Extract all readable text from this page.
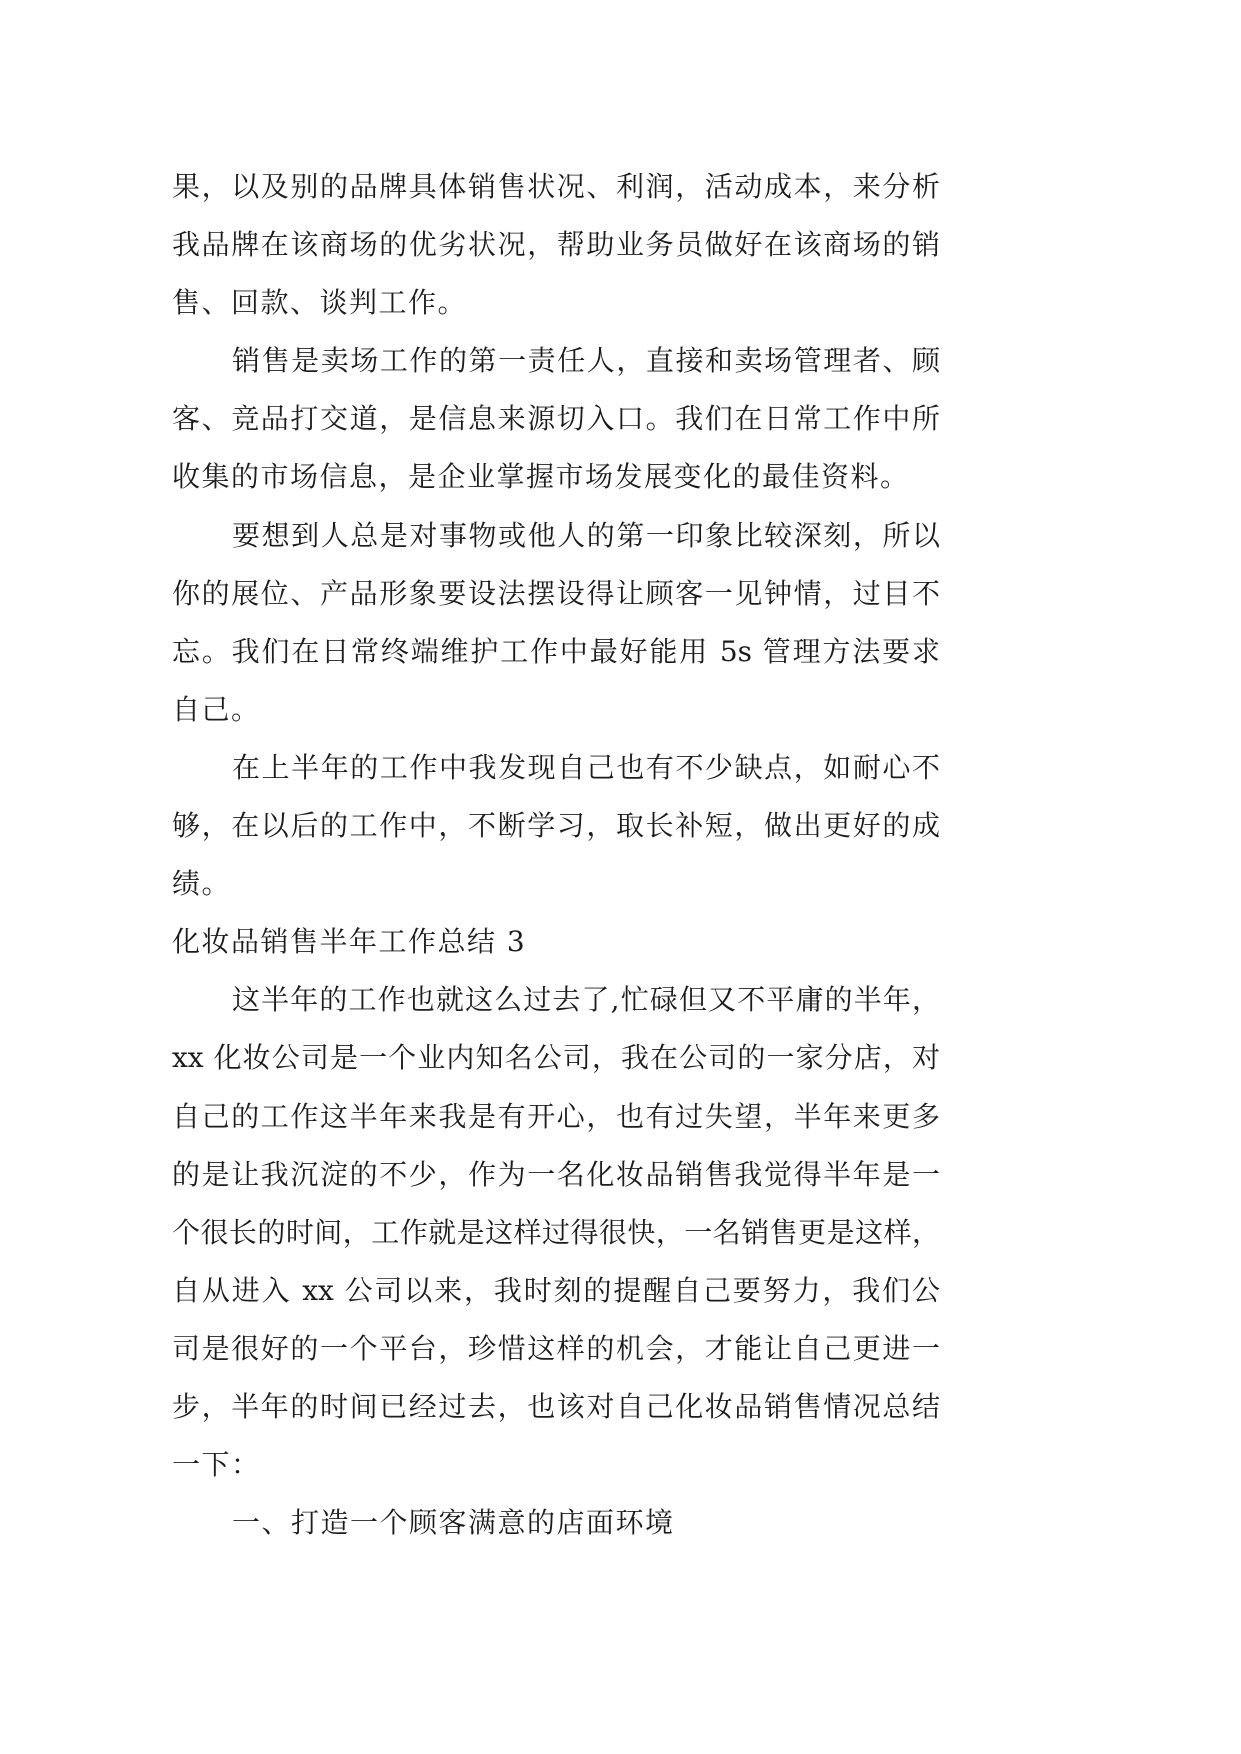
果，以及别的品牌具体销售状况、利润，活动成本，来分析
我品牌在该商场的优劣状况，帮助业务员做好在该商场的销
售、回款、谈判工作。
销售是卖场工作的第一责任人，直接和卖场管理者、顾
客、竞品打交道，是信息来源切入口。我们在日常工作中所
收集的市场信息，是企业掌握市场发展变化的最佳资料。
要想到人总是对事物或他人的第一印象比较深刻，所以
你的展位、产品形象要设法摆设得让顾客一见钟情，过目不
忘。我们在日常终端维护工作中最好能用 5s 管理方法要求
自己。
在上半年的工作中我发现自己也有不少缺点，如耐心不
够，在以后的工作中，不断学习，取长补短，做出更好的成
绩。
化妆品销售半年工作总结 3
这半年的工作也就这么过去了,忙碌但又不平庸的半年，
xx 化妆公司是一个业内知名公司，我在公司的一家分店，对
自己的工作这半年来我是有开心，也有过失望，半年来更多
的是让我沉淀的不少，作为一名化妆品销售我觉得半年是一
个很长的时间，工作就是这样过得很快，一名销售更是这样，
自从进入 xx 公司以来，我时刻的提醒自己要努力，我们公
司是很好的一个平台，珍惜这样的机会，才能让自己更进一
步，半年的时间已经过去，也该对自己化妆品销售情况总结
一下：
一、打造一个顾客满意的店面环境
